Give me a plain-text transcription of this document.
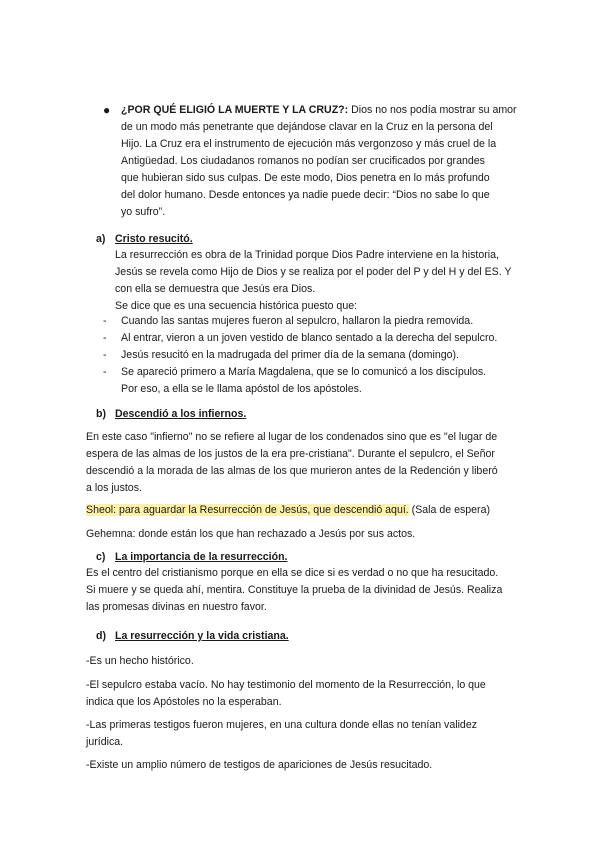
● ¿POR QUÉ ELIGIÓ LA MUERTE Y LA CRUZ?: Dios no nos podía mostrar su amor

de un modo más penetrante que dejándose clavar en la Cruz en la persona del

Hijo. La Cruz era el instrumento de ejecución más vergonzoso y más cruel de la

Antigüedad. Los ciudadanos romanos no podían ser crucificados por grandes

que hubieran sido sus culpas. De este modo, Dios penetra en lo más profundo

del dolor humano. Desde entonces ya nadie puede decir: “Dios no sabe lo que

yo sufro”.

a) Cristo resucitó.

La resurrección es obra de la Trinidad porque Dios Padre interviene en la historia,

Jesús se revela como Hijo de Dios y se realiza por el poder del P y del H y del ES. Y

con ella se demuestra que Jesús era Dios.

Se dice que es una secuencia histórica puesto que:

- Cuando las santas mujeres fueron al sepulcro, hallaron la piedra removida.
- Al entrar, vieron a un joven vestido de blanco sentado a la derecha del sepulcro.
- Jesús resucitó en la madrugada del primer día de la semana (domingo).
- Se apareció primero a María Magdalena, que se lo comunicó a los discípulos.

Por eso, a ella se le llama apóstol de los apóstoles.

b) Descendió a los infiernos.

En este caso "infierno" no se refiere al lugar de los condenados sino que es "el lugar de

espera de las almas de los justos de la era pre-cristiana". Durante el sepulcro, el Señor

descendió a la morada de las almas de los que murieron antes de la Redención y liberó

a los justos.

Sheol: para aguardar la Resurrección de Jesús, que descendió aquí. (Sala de espera)
Gehemna: donde están los que han rechazado a Jesús por sus actos.
c) La importancia de la resurrección.

Es el centro del cristianismo porque en ella se dice si es verdad o no que ha resucitado.

Si muere y se queda ahí, mentira. Constituye la prueba de la divinidad de Jesús. Realiza

las promesas divinas en nuestro favor.

d) La resurrección y la vida cristiana.
-Es un hecho histórico.

-El sepulcro estaba vacío. No hay testimonio del momento de la Resurrección, lo que

indica que los Apóstoles no la esperaban.

-Las primeras testigos fueron mujeres, en una cultura donde ellas no tenían validez

jurídica.

-Existe un amplio número de testigos de apariciones de Jesús resucitado.
